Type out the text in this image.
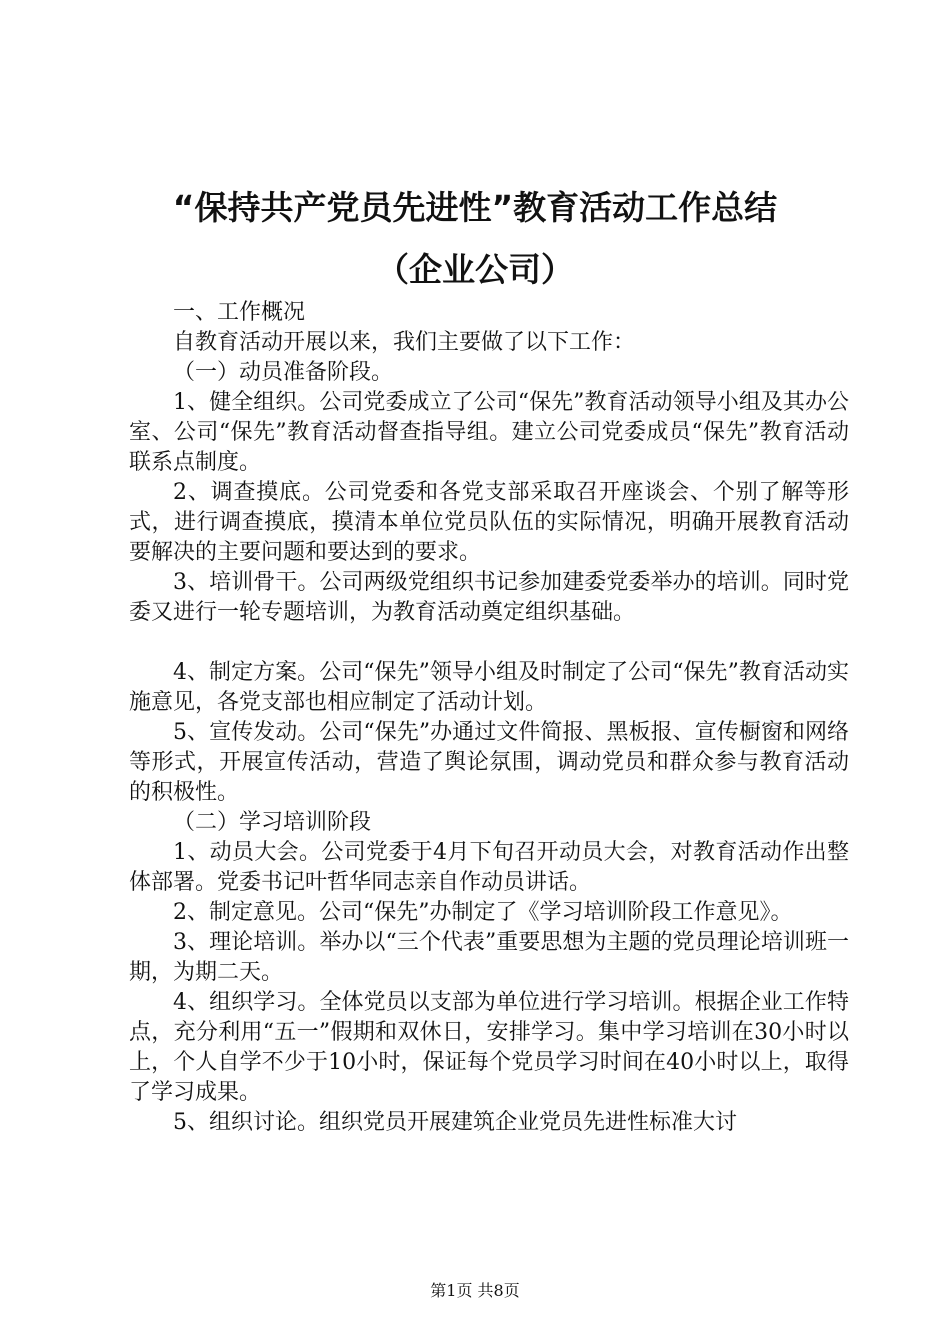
“保持共产党员先进性”教育活动工作总结
（企业公司）

一、工作概况

自教育活动开展以来，我们主要做了以下工作：

（一）动员准备阶段。

1、健全组织。公司党委成立了公司“保先”教育活动领导小组及其办公室、公司“保先”教育活动督查指导组。建立公司党委成员“保先”教育活动联系点制度。

2、调查摸底。公司党委和各党支部采取召开座谈会、个别了解等形式，进行调查摸底，摸清本单位党员队伍的实际情况，明确开展教育活动要解决的主要问题和要达到的要求。

3、培训骨干。公司两级党组织书记参加建委党委举办的培训。同时党委又进行一轮专题培训，为教育活动奠定组织基础。

4、制定方案。公司“保先”领导小组及时制定了公司“保先”教育活动实施意见，各党支部也相应制定了活动计划。

5、宣传发动。公司“保先”办通过文件简报、黑板报、宣传橱窗和网络等形式，开展宣传活动，营造了舆论氛围，调动党员和群众参与教育活动的积极性。

（二）学习培训阶段

1、动员大会。公司党委于4月下旬召开动员大会，对教育活动作出整体部署。党委书记叶哲华同志亲自作动员讲话。

2、制定意见。公司“保先”办制定了《学习培训阶段工作意见》。

3、理论培训。举办以“三个代表”重要思想为主题的党员理论培训班一期，为期二天。

4、组织学习。全体党员以支部为单位进行学习培训。根据企业工作特点，充分利用“五一”假期和双休日，安排学习。集中学习培训在30小时以上，个人自学不少于10小时，保证每个党员学习时间在40小时以上，取得了学习成果。

5、组织讨论。组织党员开展建筑企业党员先进性标准大讨

第1页 共8页
